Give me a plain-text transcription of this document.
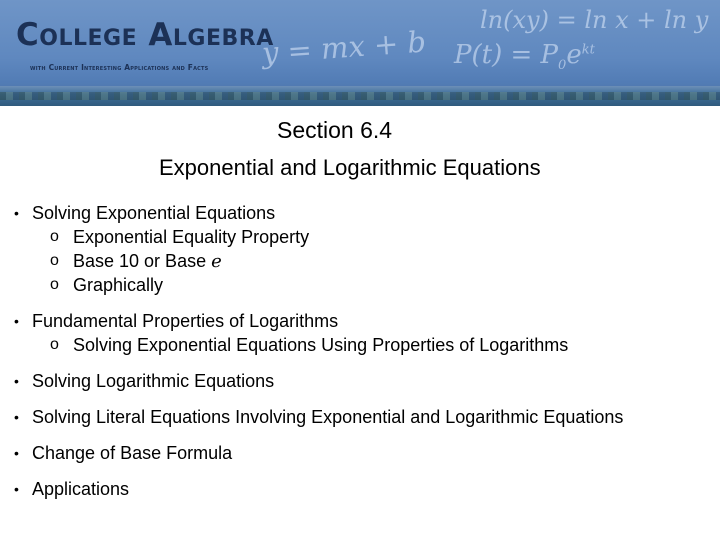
College Algebra
with Current Interesting Applications and Facts
ln(xy) = ln x + ln y
y = mx + b $P(t) = P_0e^{kt}$
Section 6.4
Exponential and Logarithmic Equations
• Solving Exponential Equations
o Exponential Equality Property
o Base 10 or Base e
o Graphically
• Fundamental Properties of Logarithms
o Solving Exponential Equations Using Properties of Logarithms
• Solving Logarithmic Equations
• Solving Literal Equations Involving Exponential and Logarithmic Equations
• Change of Base Formula
• Applications
